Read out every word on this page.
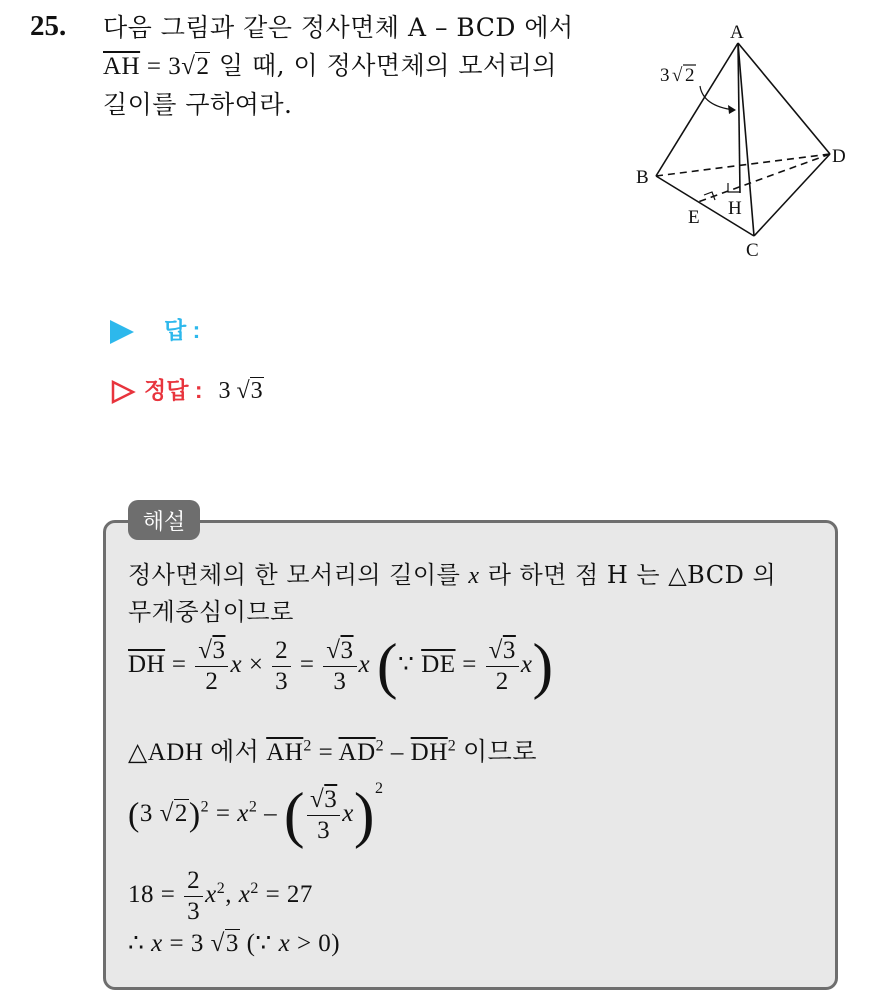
25. 다음 그림과 같은 정사면체 A – BCD 에서
$\overline{AH} = 3√2$ 일 때, 이 정사면체의 모서리의
길이를 구하여라.
A
B
C
D
E H
3 √ 2
답 :
정답 : 3 √3
해설
정사면체의 한 모서리의 길이를 x 라 하면 점 H 는 △BCD 의
무게중심이므로
$\overline{DH} = \frac{√3}{2}$ $x \times \frac{2}{3} = \frac{√3}{3}$ x (∵ $\overline{DE} = \frac{√3}{2} x$)
△ADH 에서 $\overline{AH}^2 = \overline{AD}^2 - \overline{DH}^2$ 이므로
(3 $√2)^2 = x^2$ – ( $\frac{√3}{3} x)^2$
$18 = \frac{2}{3} x^2$, $x^2 = 27$
∴ x = 3 √3 (∵ x > 0)
